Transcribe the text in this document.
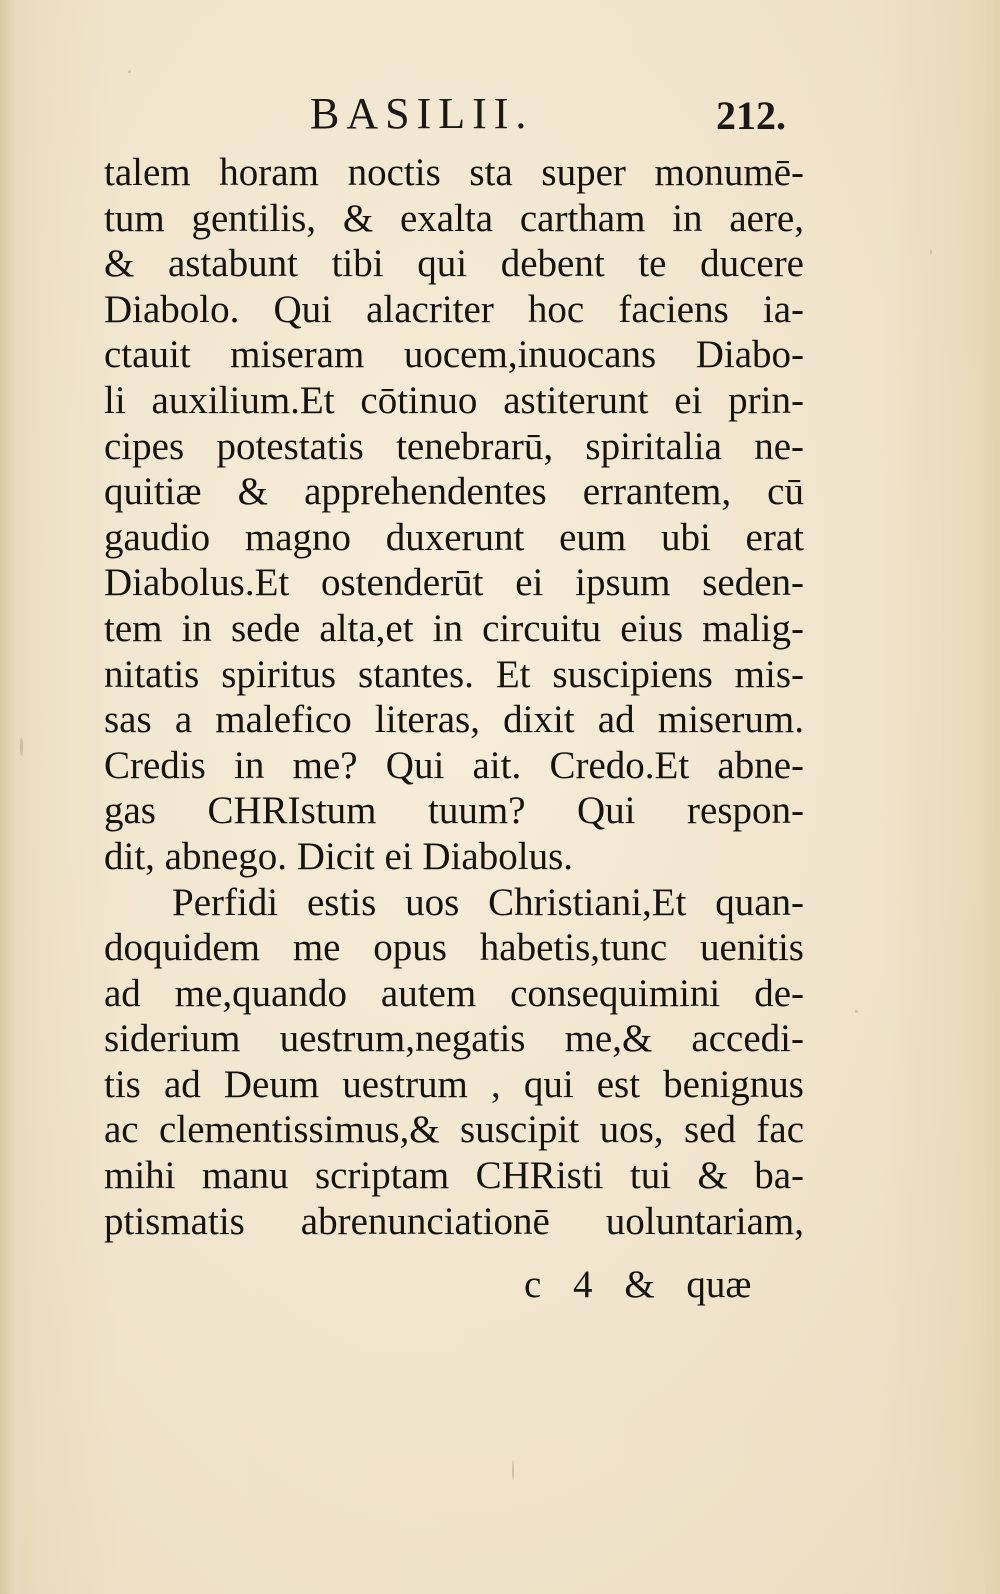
BASILII.	212.
talem horam noctis sta super monumē-
tum gentilis, & exalta cartham in aere,
& astabunt tibi qui debent te ducere
Diabolo. Qui alacriter hoc faciens ia-
ctauit miseram uocem,inuocans Diabo-
li auxilium.Et cōtinuo astiterunt ei prin-
cipes potestatis tenebrarū, spiritalia ne-
quitiæ & apprehendentes errantem, cū
gaudio magno duxerunt eum ubi erat
Diabolus.Et ostenderūt ei ipsum seden-
tem in sede alta,et in circuitu eius malig-
nitatis spiritus stantes. Et suscipiens mis-
sas a malefico literas, dixit ad miserum.
Credis in me? Qui ait. Credo.Et abne-
gas CHRIstum tuum? Qui respon-
dit, abnego. Dicit ei Diabolus.
Perfidi estis uos Christiani,Et quan-
doquidem me opus habetis,tunc uenitis
ad me,quando autem consequimini de-
siderium uestrum,negatis me,& accedi-
tis ad Deum uestrum , qui est benignus
ac clementissimus,& suscipit uos, sed fac
mihi manu scriptam CHRisti tui & ba-
ptismatis abrenunciationē uoluntariam,
c 4 & quæ
